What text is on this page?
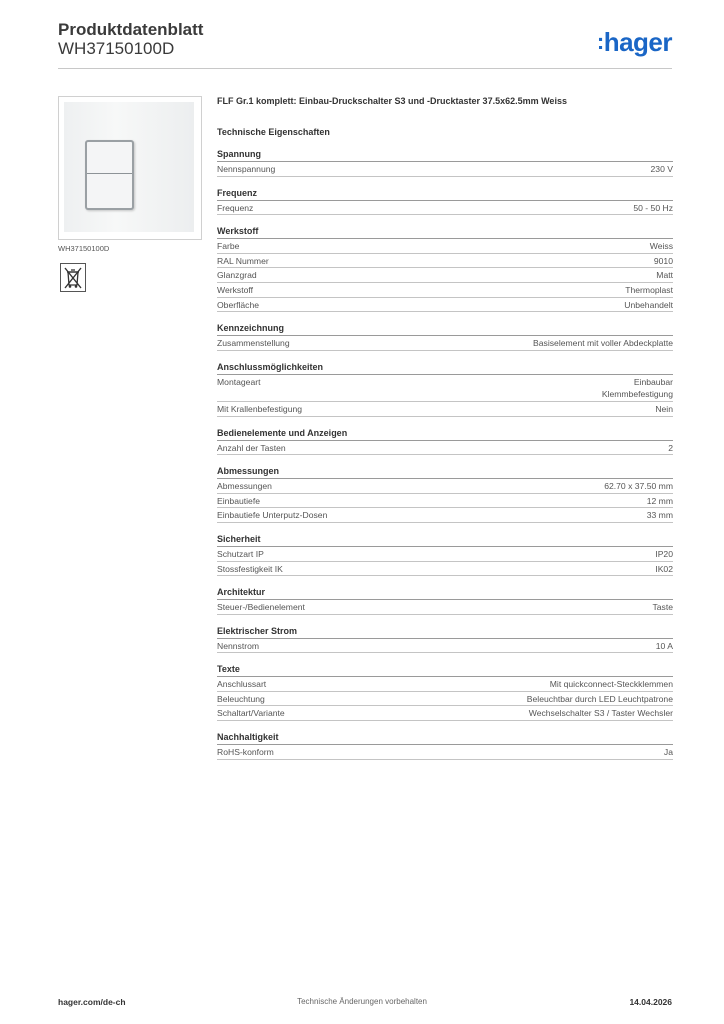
Produktdatenblatt
WH37150100D	:hager
WH37150100D
FLF Gr.1 komplett: Einbau-Druckschalter S3 und -Drucktaster 37.5x62.5mm Weiss
Technische Eigenschaften
Spannung
Nennspannung	230 V
Frequenz
Frequenz	50 - 50 Hz
Werkstoff
Farbe	Weiss
RAL Nummer	9010
Glanzgrad	Matt
Werkstoff	Thermoplast
Oberfläche	Unbehandelt
Kennzeichnung
Zusammenstellung	Basiselement mit voller Abdeckplatte
Anschlussmöglichkeiten
Montageart	Einbaubar
Klemmbefestigung
Mit Krallenbefestigung	Nein
Bedienelemente und Anzeigen
Anzahl der Tasten	2
Abmessungen
Abmessungen	62.70 x 37.50 mm
Einbautiefe	12 mm
Einbautiefe Unterputz-Dosen	33 mm
Sicherheit
Schutzart IP	IP20
Stossfestigkeit IK	IK02
Architektur
Steuer-/Bedienelement	Taste
Elektrischer Strom
Nennstrom	10 A
Texte
Anschlussart	Mit quickconnect-Steckklemmen
Beleuchtung	Beleuchtbar durch LED Leuchtpatrone
Schaltart/Variante	Wechselschalter S3 / Taster Wechsler
Nachhaltigkeit
RoHS-konform	Ja
hager.com/de-ch	Technische Änderungen vorbehalten	14.04.2026
